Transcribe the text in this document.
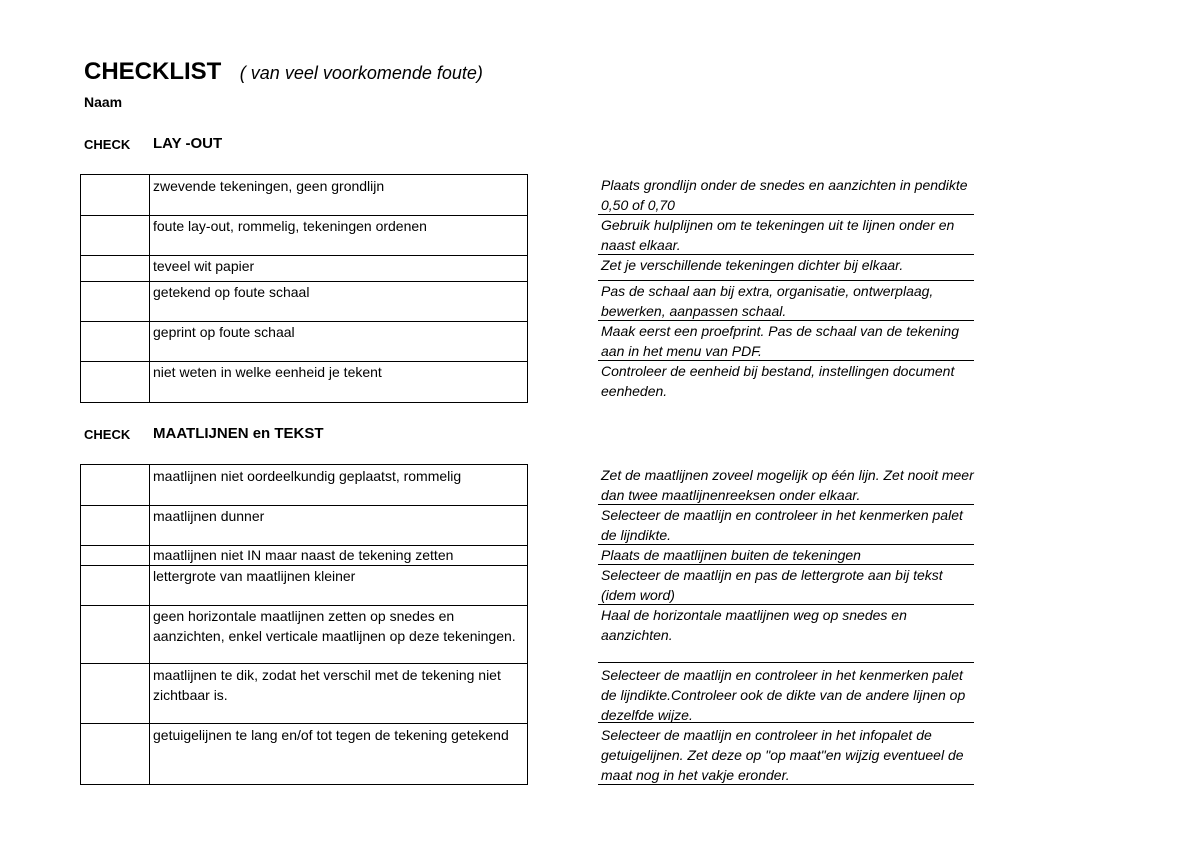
CHECKLIST ( van veel voorkomende foute)
Naam
CHECK LAY -OUT
zwevende tekeningen, geen grondlijn
foute lay-out, rommelig, tekeningen ordenen
teveel wit papier
getekend op foute schaal
geprint op foute schaal
niet weten in welke eenheid je tekent
Plaats grondlijn onder de snedes en aanzichten in pendikte 0,50 of 0,70
Gebruik hulplijnen om te tekeningen uit te lijnen onder en naast elkaar.
Zet je verschillende tekeningen dichter bij elkaar.
Pas de schaal aan bij extra, organisatie, ontwerplaag, bewerken, aanpassen schaal.
Maak eerst een proefprint. Pas de schaal van de tekening aan in het menu van PDF.
Controleer de eenheid bij bestand, instellingen document eenheden.
CHECK MAATLIJNEN en TEKST
maatlijnen niet oordeelkundig geplaatst, rommelig
maatlijnen dunner
maatlijnen niet IN maar naast de tekening zetten
lettergrote van maatlijnen kleiner
geen horizontale maatlijnen zetten op snedes en aanzichten, enkel verticale maatlijnen op deze tekeningen.
maatlijnen te dik, zodat het verschil met de tekening niet zichtbaar is.
getuigelijnen te lang en/of tot tegen de tekening getekend
Zet de maatlijnen zoveel mogelijk op één lijn. Zet nooit meer dan twee maatlijnenreeksen onder elkaar.
Selecteer de maatlijn en controleer in het kenmerken palet de lijndikte.
Plaats de maatlijnen buiten de tekeningen
Selecteer de maatlijn en pas de lettergrote aan bij tekst (idem word)
Haal de horizontale maatlijnen weg op snedes en aanzichten.
Selecteer de maatlijn en controleer in het kenmerken palet de lijndikte.Controleer ook de dikte van de andere lijnen op dezelfde wijze.
Selecteer de maatlijn en controleer in het infopalet de getuigelijnen. Zet deze op "op maat"en wijzig eventueel de maat nog in het vakje eronder.
